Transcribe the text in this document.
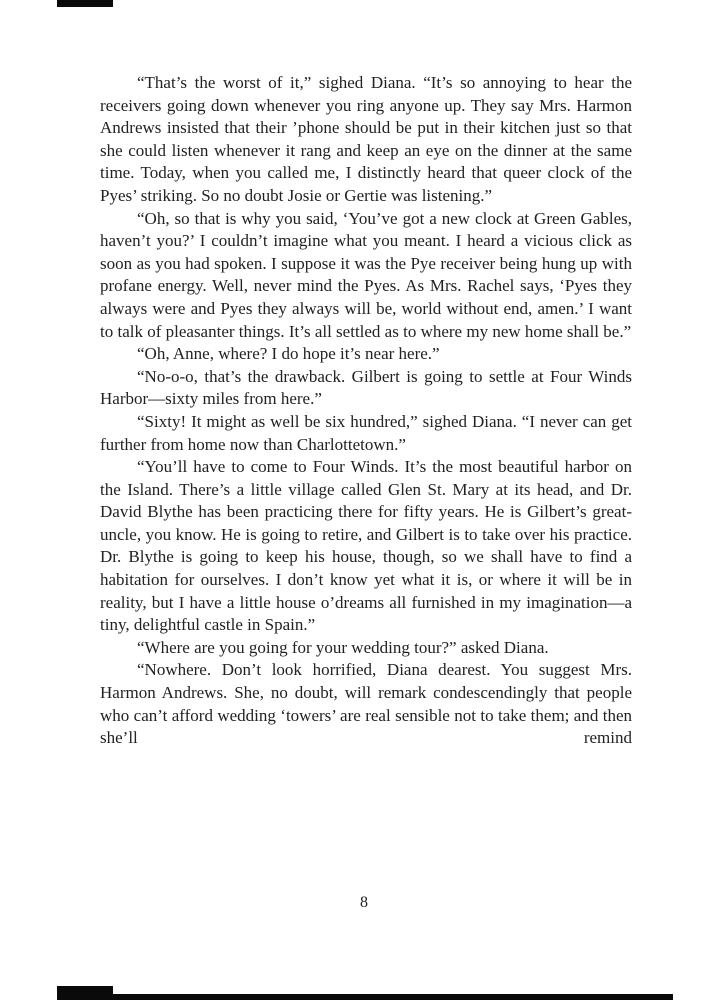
“That’s the worst of it,” sighed Diana. “It’s so annoying to hear the receivers going down whenever you ring anyone up. They say Mrs. Harmon Andrews insisted that their ’phone should be put in their kitchen just so that she could listen whenever it rang and keep an eye on the dinner at the same time. Today, when you called me, I distinctly heard that queer clock of the Pyes’ striking. So no doubt Josie or Gertie was listening.”

“Oh, so that is why you said, ‘You’ve got a new clock at Green Gables, haven’t you?’ I couldn’t imagine what you meant. I heard a vicious click as soon as you had spoken. I suppose it was the Pye receiver being hung up with profane energy. Well, never mind the Pyes. As Mrs. Rachel says, ‘Pyes they always were and Pyes they always will be, world without end, amen.’ I want to talk of pleasanter things. It’s all settled as to where my new home shall be.”

“Oh, Anne, where? I do hope it’s near here.”

“No-o-o, that’s the drawback. Gilbert is going to settle at Four Winds Harbor—sixty miles from here.”

“Sixty! It might as well be six hundred,” sighed Diana. “I never can get further from home now than Charlottetown.”

“You’ll have to come to Four Winds. It’s the most beautiful harbor on the Island. There’s a little village called Glen St. Mary at its head, and Dr. David Blythe has been practicing there for fifty years. He is Gilbert’s great-uncle, you know. He is going to retire, and Gilbert is to take over his practice. Dr. Blythe is going to keep his house, though, so we shall have to find a habitation for ourselves. I don’t know yet what it is, or where it will be in reality, but I have a little house o’dreams all furnished in my imagination—a tiny, delightful castle in Spain.”

“Where are you going for your wedding tour?” asked Diana.

“Nowhere. Don’t look horrified, Diana dearest. You suggest Mrs. Harmon Andrews. She, no doubt, will remark condescendingly that people who can’t afford wedding ‘towers’ are real sensible not to take them; and then she’ll remind

8
